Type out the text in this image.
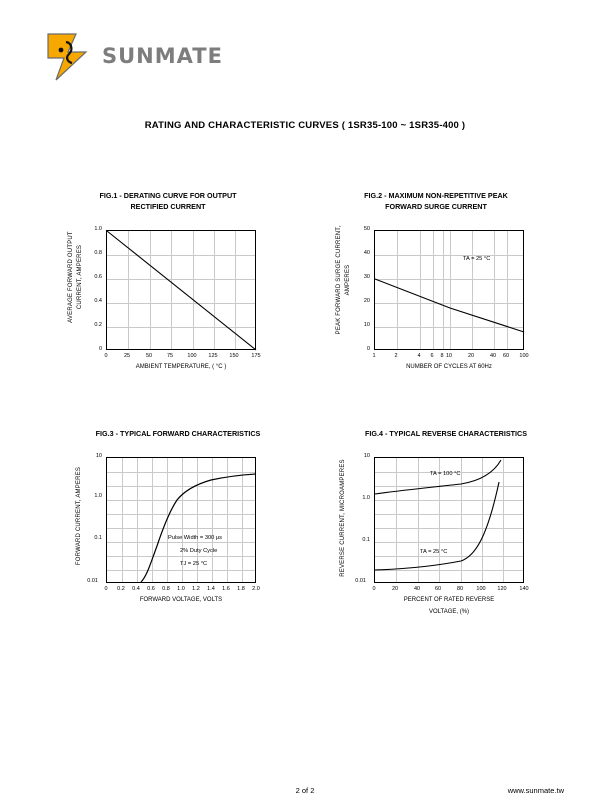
SUNMATE
RATING AND CHARACTERISTIC CURVES ( 1SR35-100 ~ 1SR35-400 )
FIG.1 - DERATING CURVE FOR OUTPUT
RECTIFIED CURRENT
AVERAGE FORWARD OUTPUT CURRENT, AMPERES
1.0
0.8
0.6
0.4
0.2
0
0	25	50	75	100	125	150	175
AMBIENT TEMPERATURE, ( °C )
FIG.2 - MAXIMUM NON-REPETITIVE PEAK
FORWARD SURGE CURRENT
PEAK FORWARD SURGE CURRENT, AMPERES
TA = 25 °C
50
40
30
20
10
0
1	2	4	6	8 10	20	40	60	100
NUMBER OF CYCLES AT 60Hz
FIG.3 - TYPICAL FORWARD CHARACTERISTICS
FORWARD CURRENT, AMPERES	Pulse Width = 300 μs
2% Duty Cycle
TJ = 25 °C
10
1.0
0.1
0.01
0	0.2	0.4	0.6	0.8	1.0	1.2	1.4	1.6	1.8	2.0
FORWARD VOLTAGE, VOLTS
FIG.4 - TYPICAL REVERSE CHARACTERISTICS
REVERSE CURRENT, MICROAMPERES	TA = 100 °C
TA = 25 °C
10
1.0
0.1
0.01
0	20	40	60	80	100	120	140
PERCENT OF RATED REVERSE
VOLTAGE, (%)
2 of 2	www.sunmate.tw
